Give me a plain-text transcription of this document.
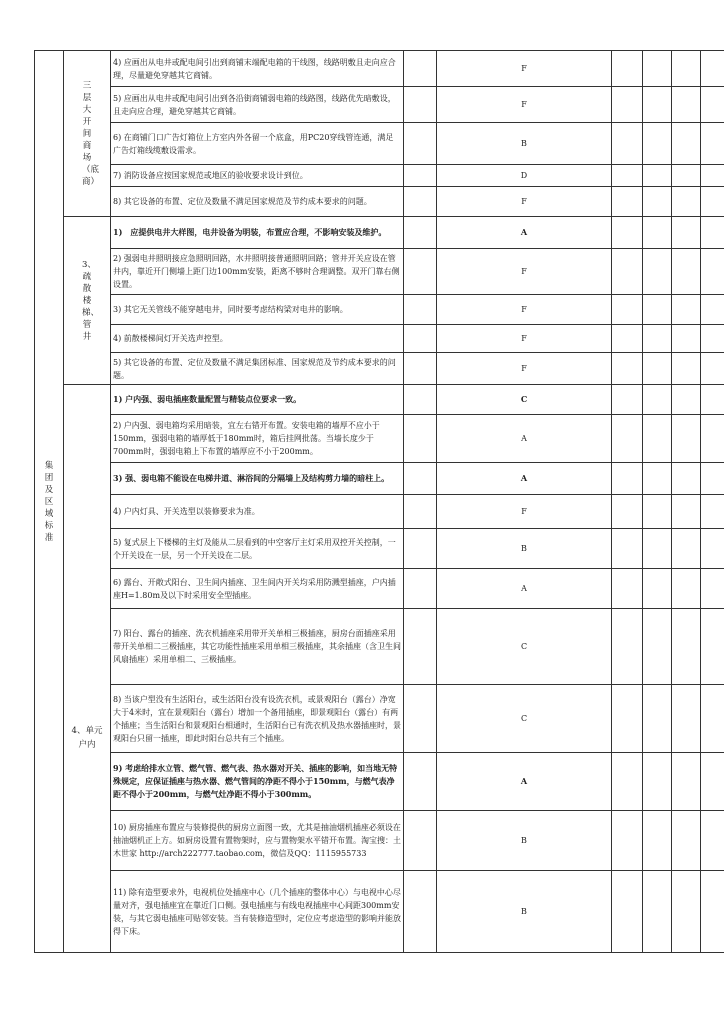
集团及区域标准	三层大开间商场（底商）	4) 应画出从电井或配电间引出到商铺末端配电箱的干线图，线路明敷且走向应合理，尽量避免穿越其它商铺。		F				
		5) 应画出从电井或配电间引出到各沿街商铺弱电箱的线路图，线路优先暗敷设，且走向应合理，避免穿越其它商铺。		F				
		6) 在商铺门口广告灯箱位上方室内外各留一个底盒，用PC20穿线管连通，满足广告灯箱线缆敷设需求。		B				
		7) 消防设备应按国家规范或地区的验收要求设计到位。		D				
		8) 其它设备的布置、定位及数量不满足国家规范及节约成本要求的问题。		F				
	3、疏散楼梯、管井	1)　应提供电井大样图，电井设备为明装，布置应合理，不影响安装及维护。		A				
		2) 强弱电井照明接应急照明回路，水井照明接普通照明回路；管井开关应设在管井内，靠近开门侧墙上距门边100mm安装，距离不够时合理调整。双开门靠右侧设置。		F				
		3) 其它无关管线不能穿越电井，同时要考虑结构梁对电井的影响。		F				
		4) 前散楼梯间灯开关选声控型。		F				
		5) 其它设备的布置、定位及数量不满足集团标准、国家规范及节约成本要求的问题。		F				

	4、单元户内	1) 户内强、弱电插座数量配置与精装点位要求一致。		C				
		2) 户内强、弱电箱均采用暗装，宜左右错开布置。安装电箱的墙厚不应小于150mm，强弱电箱的墙厚低于180mm时，箱后挂网批荡。当墙长度少于700mm时，强弱电箱上下布置的墙厚应不小于200mm。		A				
		3) 强、弱电箱不能设在电梯井道、淋浴间的分隔墙上及结构剪力墙的暗柱上。		A				
		4) 户内灯具、开关选型以装修要求为准。		F				
		5) 复式层上下楼梯的主灯及能从二层看到的中空客厅主灯采用双控开关控制，一个开关设在一层，另一个开关设在二层。		B				
		6) 露台、开敞式阳台、卫生间内插座、卫生间内开关均采用防溅型插座，户内插座H=1.80m及以下时采用安全型插座。		A				
		7) 阳台、露台的插座、洗衣机插座采用带开关单相三极插座，厨房台面插座采用带开关单相二三极插座，其它功能性插座采用单相三极插座，其余插座（含卫生间风扇插座）采用单相二、三极插座。		C				
		8) 当该户型没有生活阳台，或生活阳台没有设洗衣机，或景观阳台（露台）净宽大于4米时，宜在景观阳台（露台）增加一个备用插座，即景观阳台（露台）有两个插座；当生活阳台和景观阳台相通时，生活阳台已有洗衣机及热水器插座时，景观阳台只留一插座，即此时阳台总共有三个插座。		C				
		9) 考虑给排水立管、燃气管、燃气表、热水器对开关、插座的影响，如当地无特殊规定，应保证插座与热水器、燃气管间的净距不得小于150mm，与燃气表净距不得小于200mm，与燃气灶净距不得小于300mm。		A				
		10) 厨房插座布置应与装修提供的厨房立面图一致，尤其是抽油烟机插座必须设在抽油烟机正上方。如厨房设置有置物架时，应与置物架水平错开布置。淘宝搜：土木世家 http://arch222777.taobao.com，微信及QQ：1115955733		B				
		11) 除有造型要求外，电视机位处插座中心（几个插座的整体中心）与电视中心尽量对齐，强电插座宜在靠近门口侧。强电插座与有线电视插座中心间距300mm安装，与其它弱电插座可贴邻安装。当有装修造型时，定位应考虑造型的影响并能放得下床。		B				
